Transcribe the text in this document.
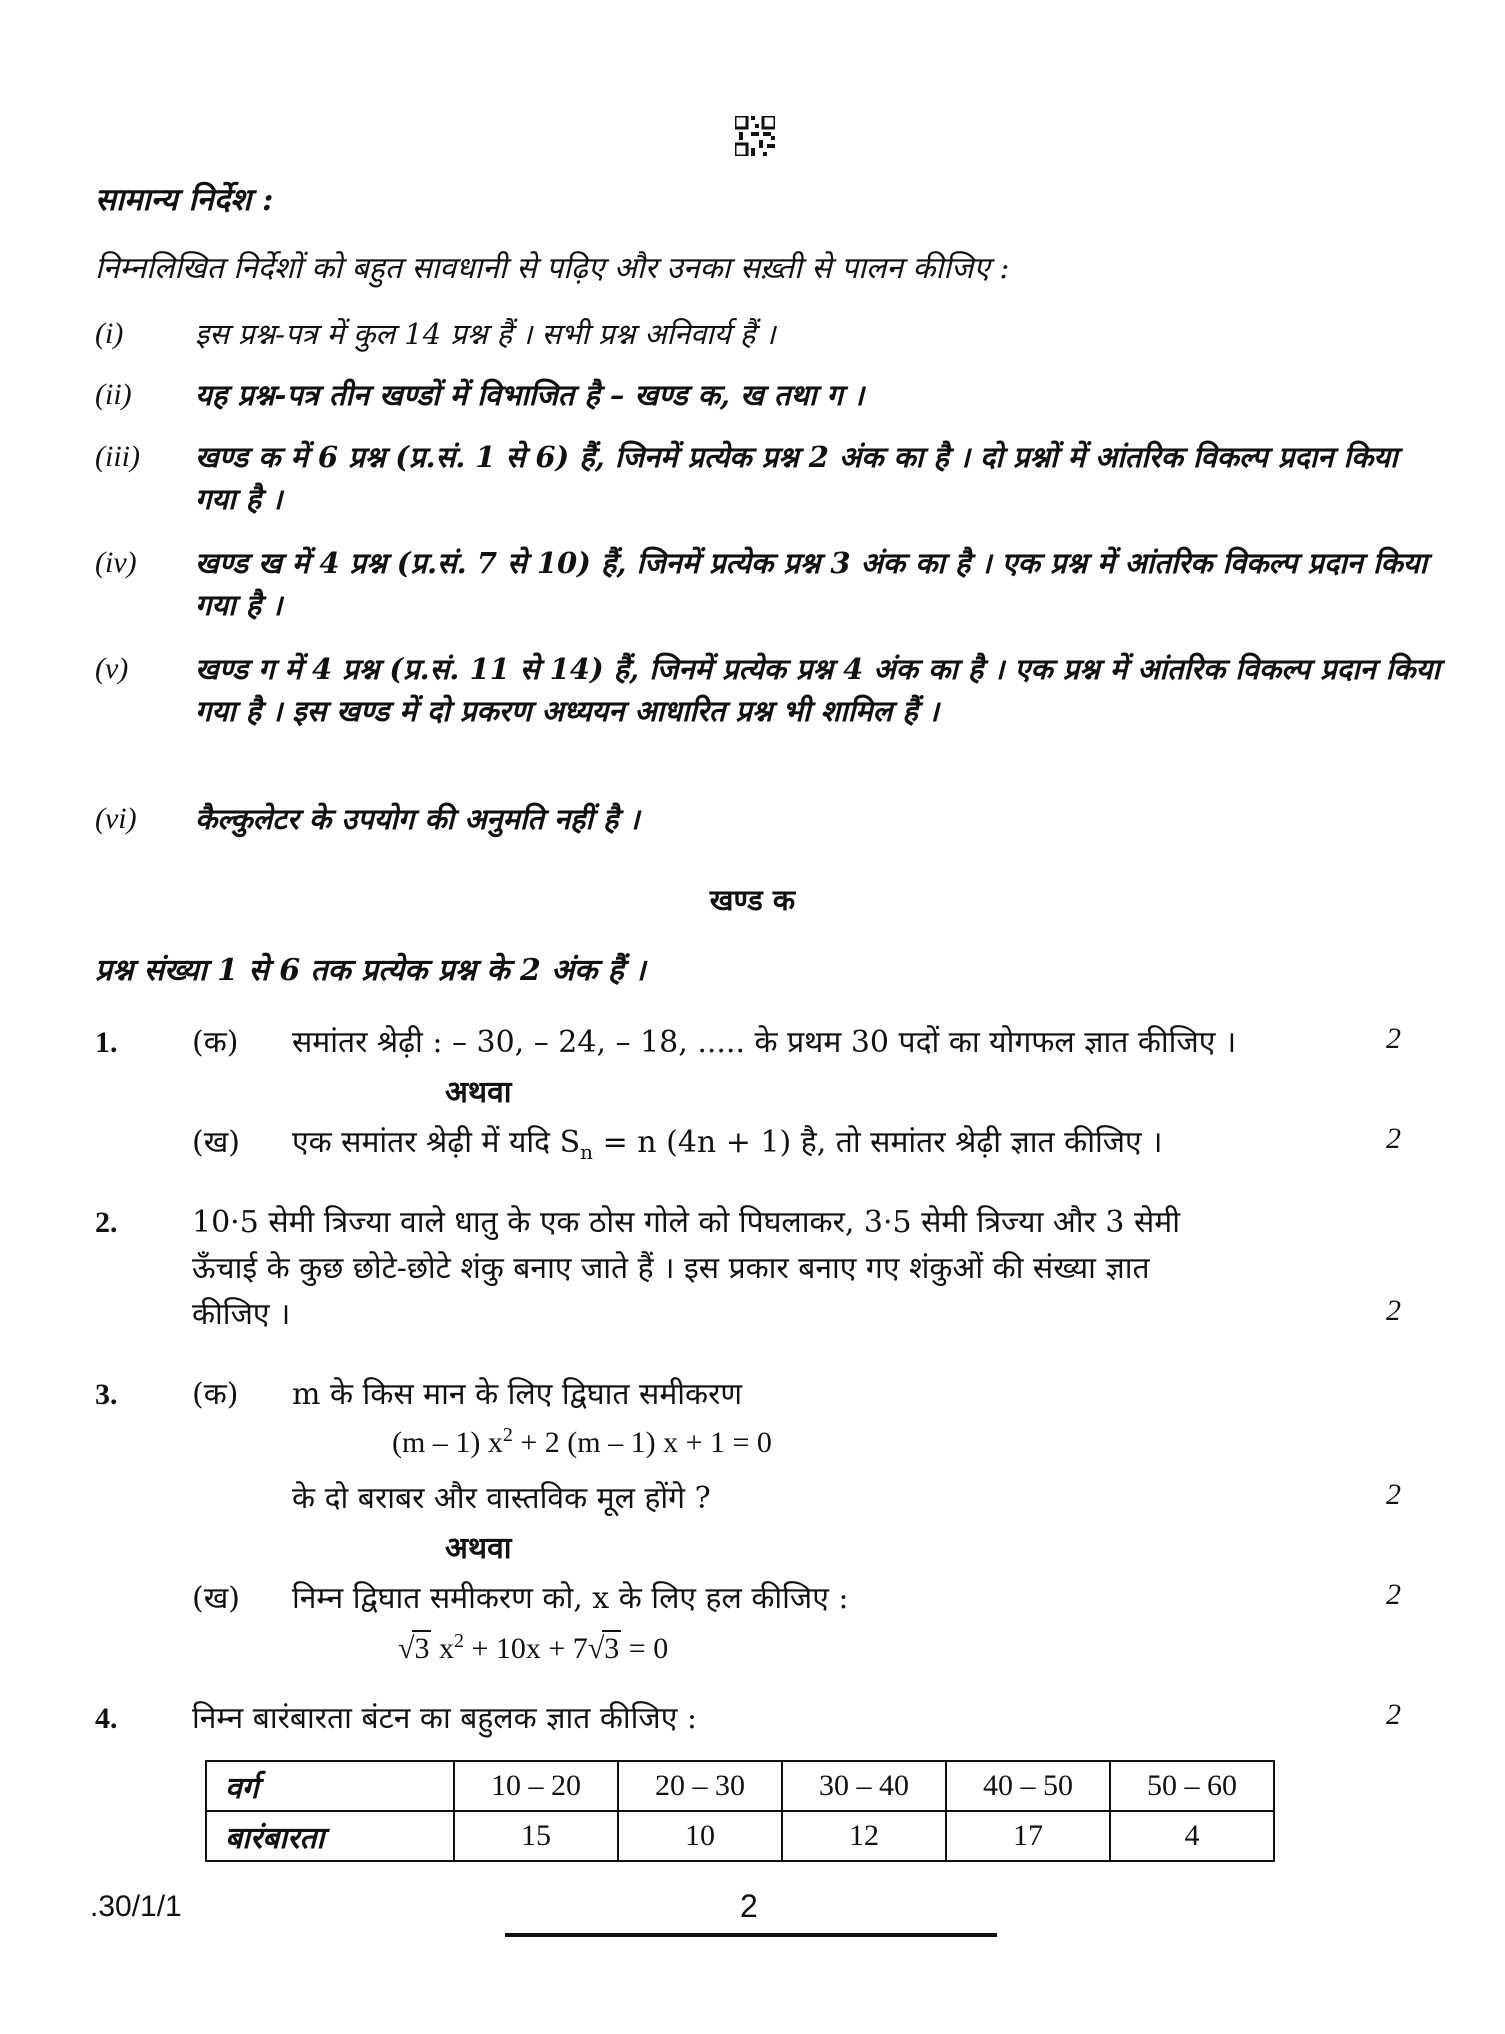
सामान्य निर्देश :
निम्नलिखित निर्देशों को बहुत सावधानी से पढ़िए और उनका सख़्ती से पालन कीजिए :
(i)	इस प्रश्न-पत्र में कुल 14 प्रश्न हैं । सभी प्रश्न अनिवार्य हैं ।
(ii)	यह प्रश्न-पत्र तीन खण्डों में विभाजित है – खण्ड क, ख तथा ग ।
(iii)	खण्ड क में 6 प्रश्न (प्र.सं. 1 से 6) हैं, जिनमें प्रत्येक प्रश्न 2 अंक का है । दो प्रश्नों में आंतरिक विकल्प प्रदान किया गया है ।
(iv)	खण्ड ख में 4 प्रश्न (प्र.सं. 7 से 10) हैं, जिनमें प्रत्येक प्रश्न 3 अंक का है । एक प्रश्न में आंतरिक विकल्प प्रदान किया गया है ।
(v)	खण्ड ग में 4 प्रश्न (प्र.सं. 11 से 14) हैं, जिनमें प्रत्येक प्रश्न 4 अंक का है । एक प्रश्न में आंतरिक विकल्प प्रदान किया गया है । इस खण्ड में दो प्रकरण अध्ययन आधारित प्रश्न भी शामिल हैं ।
(vi)	कैल्कुलेटर के उपयोग की अनुमति नहीं है ।
खण्ड क
प्रश्न संख्या 1 से 6 तक प्रत्येक प्रश्न के 2 अंक हैं ।
1. (क) समांतर श्रेढ़ी : – 30, – 24, – 18, ..... के प्रथम 30 पदों का योगफल ज्ञात कीजिए ।	2
अथवा
(ख) एक समांतर श्रेढ़ी में यदि $S_n = n$ (4n + 1) है, तो समांतर श्रेढ़ी ज्ञात कीजिए ।	2
2. 10·5 सेमी त्रिज्या वाले धातु के एक ठोस गोले को पिघलाकर, 3·5 सेमी त्रिज्या और 3 सेमी
ऊँचाई के कुछ छोटे-छोटे शंकु बनाए जाते हैं । इस प्रकार बनाए गए शंकुओं की संख्या ज्ञात
कीजिए ।	2
3. (क) m के किस मान के लिए द्विघात समीकरण
(m – 1) $x^2 + 2$ (m – 1) x + 1 = 0
के दो बराबर और वास्तविक मूल होंगे ?	2
अथवा
(ख) निम्न द्विघात समीकरण को, x के लिए हल कीजिए :	2
√3 $x^2 + 10x + 7√3 = 0$
4. निम्न बारंबारता बंटन का बहुलक ज्ञात कीजिए :	2
वर्ग	10 – 20	20 – 30	30 – 40	40 – 50	50 – 60
बारंबारता	15	10	12	17	4
.30/1/1	2
